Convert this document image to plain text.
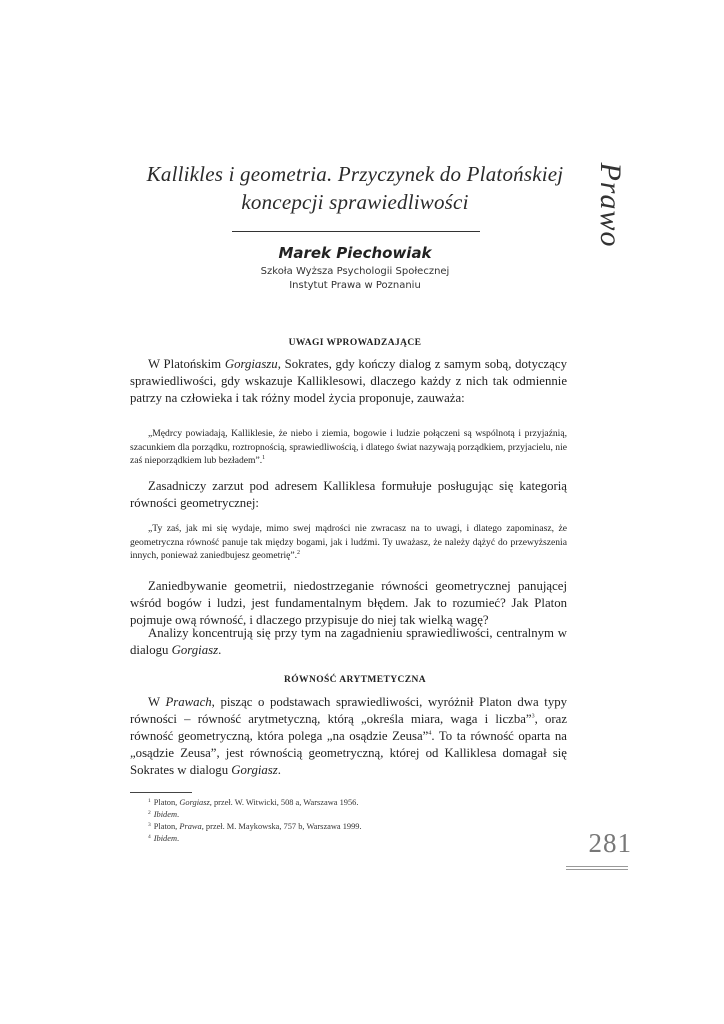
Kallikles i geometria. Przyczynek do Platońskiej
koncepcji sprawiedliwości
Marek Piechowiak
Szkoła Wyższa Psychologii Społecznej
Instytut Prawa w Poznaniu
Prawo
UWAGI WPROWADZAJĄCE
W Platońskim Gorgiaszu, Sokrates, gdy kończy dialog z samym sobą, dotyczący sprawiedliwości, gdy wskazuje Kalliklesowi, dlaczego każdy z nich tak odmiennie patrzy na człowieka i tak różny model życia proponuje, zauważa:
„Mędrcy powiadają, Kalliklesie, że niebo i ziemia, bogowie i ludzie połączeni są wspólnotą i przyjaźnią, szacunkiem dla porządku, roztropnością, sprawiedliwością, i dlatego świat nazywają porządkiem, przyjacielu, nie zaś nieporządkiem lub bezładem”.$^1$
Zasadniczy zarzut pod adresem Kalliklesa formułuje posługując się kategorią równości geometrycznej:
„Ty zaś, jak mi się wydaje, mimo swej mądrości nie zwracasz na to uwagi, i dlatego zapominasz, że geometryczna równość panuje tak między bogami, jak i ludźmi. Ty uważasz, że należy dążyć do przewyższenia innych, ponieważ zaniedbujesz geometrię”.$^2$
Zaniedbywanie geometrii, niedostrzeganie równości geometrycznej panującej wśród bogów i ludzi, jest fundamentalnym błędem. Jak to rozumieć? Jak Platon pojmuje ową równość, i dlaczego przypisuje do niej tak wielką wagę?
Analizy koncentrują się przy tym na zagadnieniu sprawiedliwości, centralnym w dialogu Gorgiasz.
RÓWNOŚĆ ARYTMETYCZNA
W Prawach, pisząc o podstawach sprawiedliwości, wyróżnił Platon dwa typy równości – równość arytmetyczną, którą „określa miara, waga i liczba”$^3$, oraz równość geometryczną, która polega „na osądzie Zeusa”$^4$. To ta równość oparta na „osądzie Zeusa”, jest równością geometryczną, której od Kalliklesa domagał się Sokrates w dialogu Gorgiasz.
$^1$ Platon, Gorgiasz, przeł. W. Witwicki, 508 a, Warszawa 1956.
$^2$ Ibidem.
$^3$ Platon, Prawa, przeł. M. Maykowska, 757 b, Warszawa 1999.
$^4$ Ibidem.	281
